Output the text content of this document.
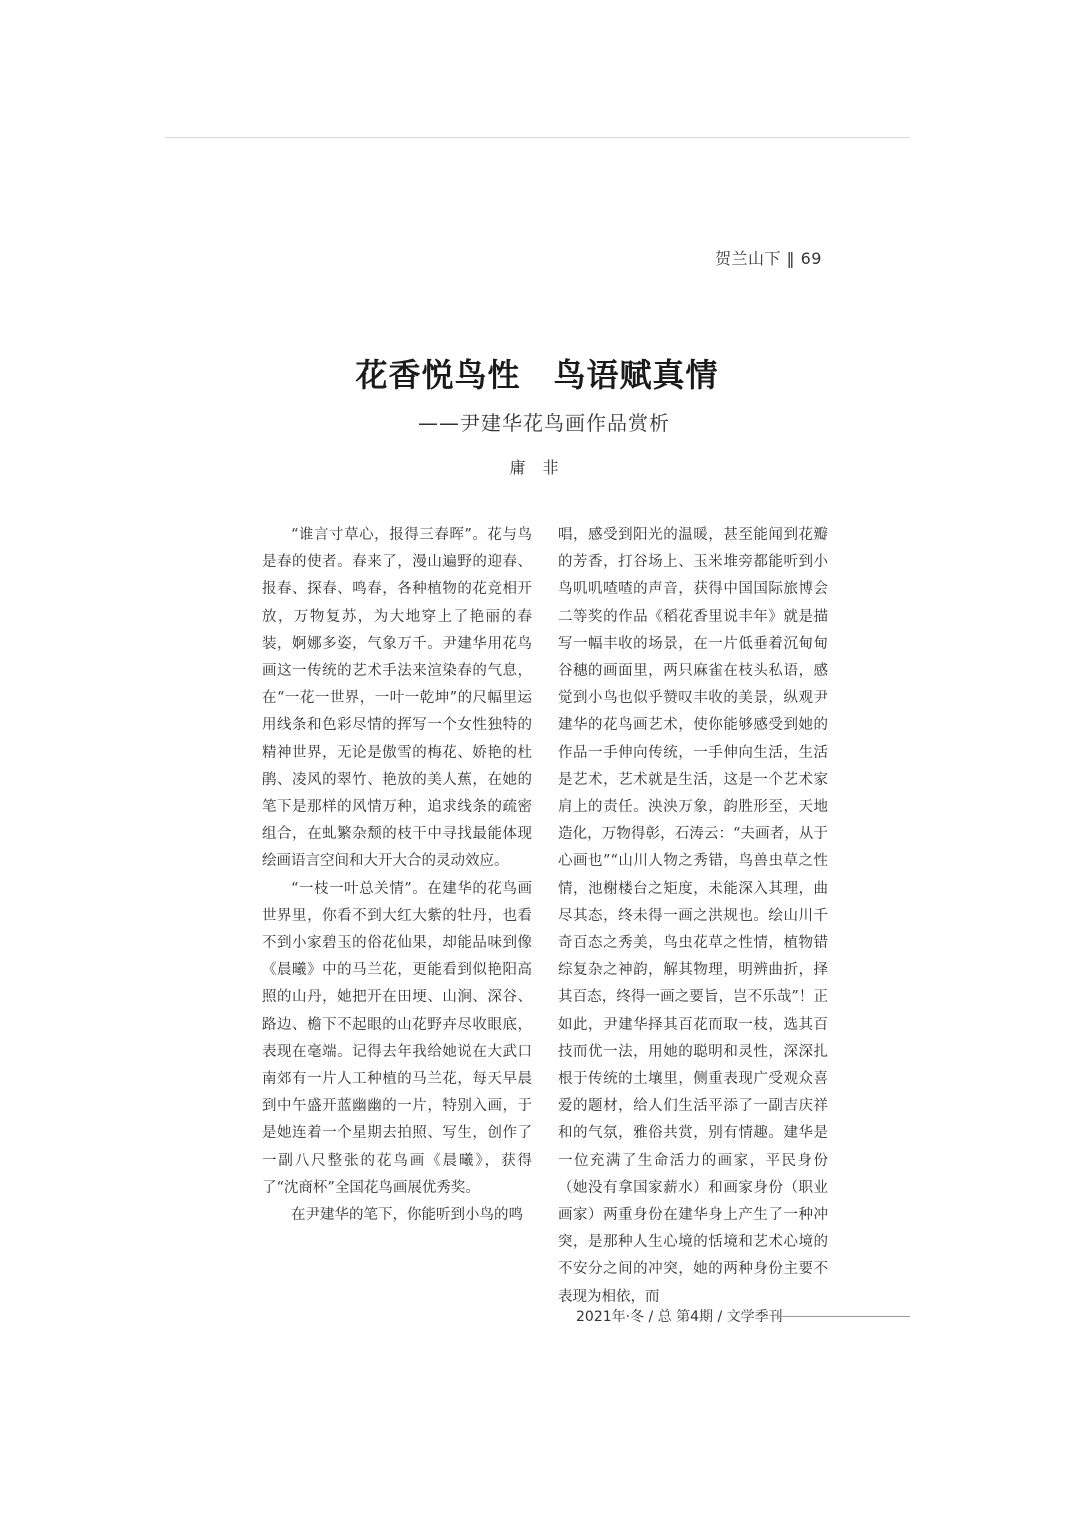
贺兰山下 ‖ 69
花香悦鸟性　鸟语赋真情
——尹建华花鸟画作品赏析
庸 非

“谁言寸草心，报得三春晖”。花与鸟是春的使者。春来了，漫山遍野的迎春、报春、探春、鸣春，各种植物的花竞相开放，万物复苏，为大地穿上了艳丽的春装，婀娜多姿，气象万千。尹建华用花鸟画这一传统的艺术手法来渲染春的气息，在“一花一世界，一叶一乾坤”的尺幅里运用线条和色彩尽情的挥写一个女性独特的精神世界，无论是傲雪的梅花、娇艳的杜鹃、凌风的翠竹、艳放的美人蕉，在她的笔下是那样的风情万种，追求线条的疏密组合，在虬繁杂颓的枝干中寻找最能体现绘画语言空间和大开大合的灵动效应。

“一枝一叶总关情”。在建华的花鸟画世界里，你看不到大红大紫的牡丹，也看不到小家碧玉的俗花仙果，却能品味到像《晨曦》中的马兰花，更能看到似艳阳高照的山丹，她把开在田埂、山涧、深谷、路边、檐下不起眼的山花野卉尽收眼底，表现在毫端。记得去年我给她说在大武口南郊有一片人工种植的马兰花，每天早晨到中午盛开蓝幽幽的一片，特别入画，于是她连着一个星期去拍照、写生，创作了一副八尺整张的花鸟画《晨曦》，获得了“沈商杯”全国花鸟画展优秀奖。

在尹建华的笔下，你能听到小鸟的鸣

唱，感受到阳光的温暖，甚至能闻到花瓣的芳香，打谷场上、玉米堆旁都能听到小鸟叽叽喳喳的声音，获得中国国际旅博会二等奖的作品《稻花香里说丰年》就是描写一幅丰收的场景，在一片低垂着沉甸甸谷穗的画面里，两只麻雀在枝头私语，感觉到小鸟也似乎赞叹丰收的美景，纵观尹建华的花鸟画艺术，使你能够感受到她的作品一手伸向传统，一手伸向生活，生活是艺术，艺术就是生活，这是一个艺术家肩上的责任。泱泱万象，韵胜形至，天地造化，万物得彰，石涛云：“夫画者，从于心画也”“山川人物之秀错，鸟兽虫草之性情，池榭楼台之矩度，未能深入其理，曲尽其态，终未得一画之洪规也。绘山川千奇百态之秀美，鸟虫花草之性情，植物错综复杂之神韵，解其物理，明辨曲折，择其百态，终得一画之要旨，岂不乐哉”！正如此，尹建华择其百花而取一枝，选其百技而优一法，用她的聪明和灵性，深深扎根于传统的土壤里，侧重表现广受观众喜爱的题材，给人们生活平添了一副吉庆祥和的气氛，雅俗共赏，别有情趣。建华是一位充满了生命活力的画家，平民身份（她没有拿国家薪水）和画家身份（职业画家）两重身份在建华身上产生了一种冲突，是那种人生心境的恬境和艺术心境的不安分之间的冲突，她的两种身份主要不表现为相依，而

2021年·冬 / 总 第4期 / 文学季刊
